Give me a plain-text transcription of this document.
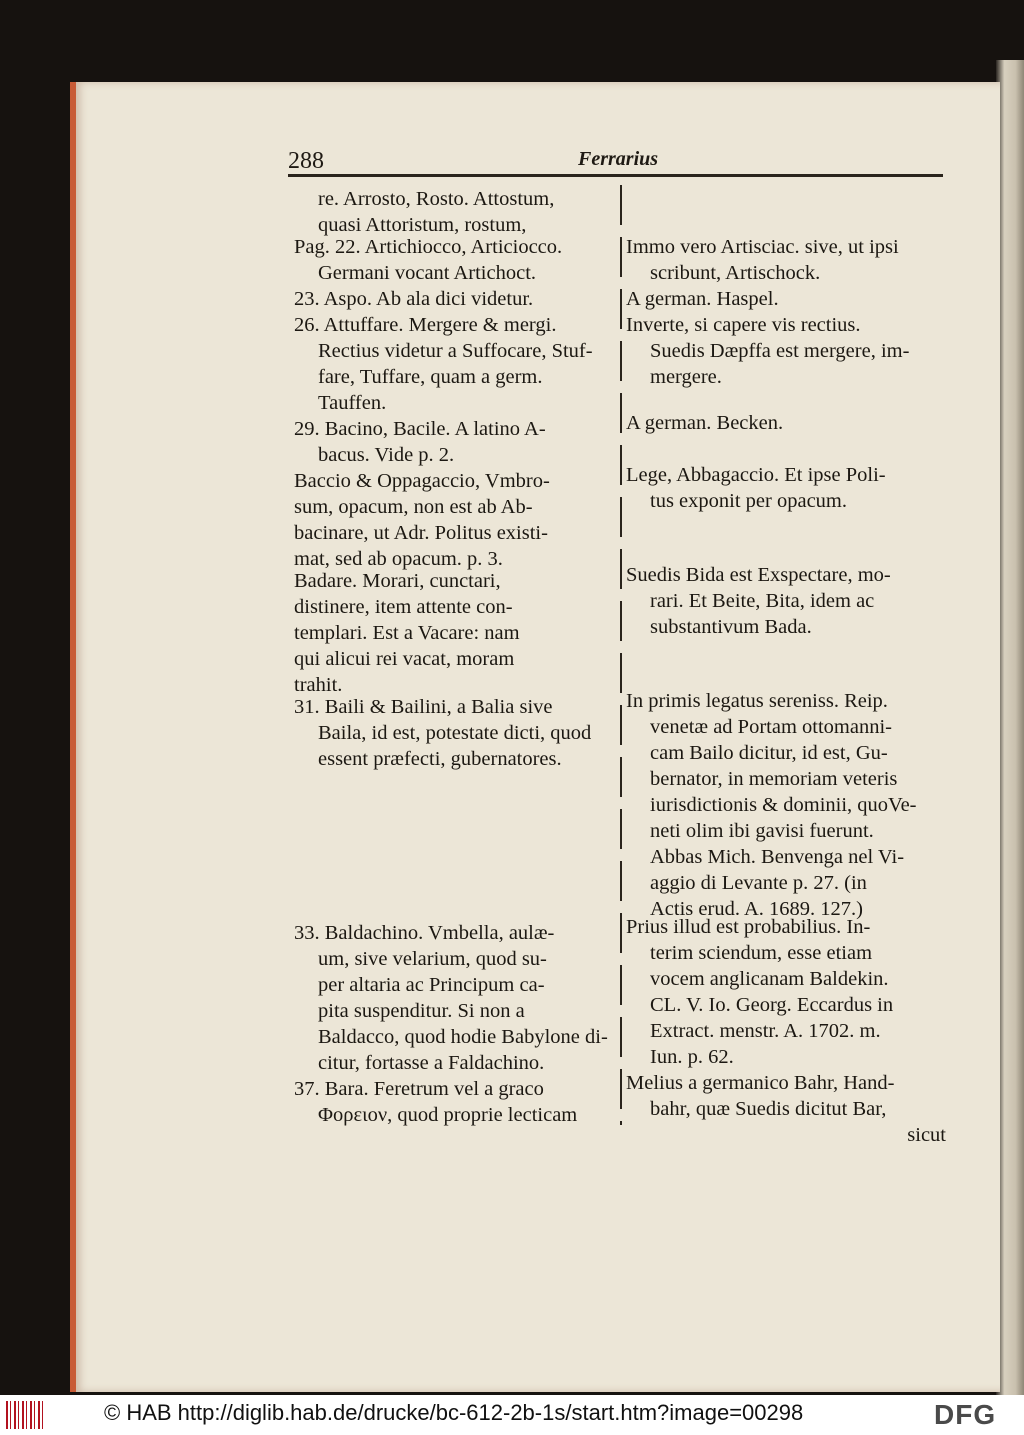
288	Ferrarius
re. Arrosto, Rosto. Attostum,
quasi Attoristum, rostum,
Pag. 22. Artichiocco, Articiocco.
Germani vocant Artichoct.
Immo vero Artisciac. sive, ut ipsi
scribunt, Artischock.
23. Aspo. Ab ala dici videtur.	A german. Haspel.
26. Attuffare. Mergere & mergi.
Rectius videtur a Suffocare, Stuf-
fare, Tuffare, quam a germ.
Tauffen.
Inverte, si capere vis rectius.
Suedis Dæpffa est mergere, im-
mergere.
29. Bacino, Bacile. A latino A-
bacus. Vide p. 2.
A german. Becken.
Baccio & Oppagaccio, Vmbro-
sum, opacum, non est ab Ab-
bacinare, ut Adr. Politus existi-
mat, sed ab opacum. p. 3.
Lege, Abbagaccio. Et ipse Poli-
tus exponit per opacum.
Badare. Morari, cunctari,
distinere, item attente con-
templari. Est a Vacare: nam
qui alicui rei vacat, moram
trahit.
Suedis Bida est Exspectare, mo-
rari. Et Beite, Bita, idem ac
substantivum Bada.
31. Baili & Bailini, a Balia sive
Baila, id est, potestate dicti, quod
essent præfecti, gubernatores.
In primis legatus sereniss. Reip.
venetæ ad Portam ottomanni-
cam Bailo dicitur, id est, Gu-
bernator, in memoriam veteris
iurisdictionis & dominii, quoVe-
neti olim ibi gavisi fuerunt.
Abbas Mich. Benvenga nel Vi-
aggio di Levante p. 27. (in
Actis erud. A. 1689. 127.)
33. Baldachino. Vmbella, aulæ-
um, sive velarium, quod su-
per altaria ac Principum ca-
pita suspenditur. Si non a
Baldacco, quod hodie Babylone di-
citur, fortasse a Faldachino.
Prius illud est probabilius. In-
terim sciendum, esse etiam
vocem anglicanam Baldekin.
CL. V. Io. Georg. Eccardus in
Extract. menstr. A. 1702. m.
Iun. p. 62.
37. Bara. Feretrum vel a graco
Φορειον, quod proprie lecticam
Melius a germanico Bahr, Hand-
bahr, quæ Suedis dicitut Bar,
sicut
© HAB http://diglib.hab.de/drucke/bc-612-2b-1s/start.htm?image=00298	DFG
